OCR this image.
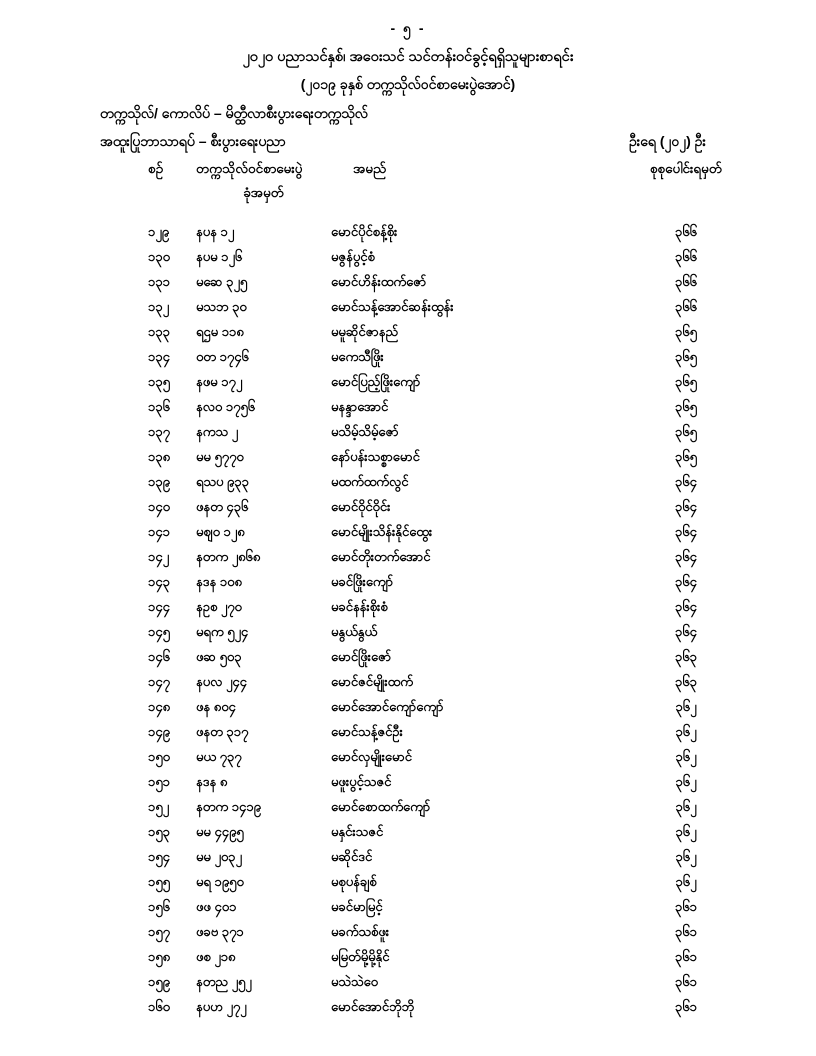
- ၅ -
၂၀၂၀ ပညာသင်နှစ်၊ အဝေးသင် သင်တန်းဝင်ခွင့်ရရှိသူများစာရင်း
(၂၀၁၉ ခုနှစ် တက္ကသိုလ်ဝင်စာမေးပွဲအောင်)
တက္ကသိုလ်/ ကောလိပ် – မိတ္ထီလာစီးပွားရေးတက္ကသိုလ်
အထူးပြုဘာသာရပ် – စီးပွားရေးပညာ	ဦးရေ (၂၀၂) ဦး
စဥ်	တက္ကသိုလ်ဝင်စာမေးပွဲ	အမည်	စုစုပေါင်းရမှတ်
ခုံအမှတ်
၁၂၉	နပန ၁၂	မောင်ပိုင်စန့်စိုး	၃၆၆
၁၃၀	နပမ ၁၂၆	မဇွန်ပွင့်စံ	၃၆၆
၁၃၁	မဆေ ၃၂၅	မောင်ဟိန်းထက်ဇော်	၃၆၆
၁၃၂	မသဘ ၃၀	မောင်သန့်အောင်ဆန်းထွန်း	၃၆၆
၁၃၃	ရဌမ ၁၁၈	မမူဆိုင်ဇာနည်	၃၆၅
၁၃၄	ဝတ ၁၇၄၆	မကေသီဖြိုး	၃၆၅
၁၃၅	နဖမ ၁၇၂	မောင်ပြည့်ဖြိုးကျော်	၃၆၅
၁၃၆	နလဝ ၁၇၅၆	မနန္ဒာအောင်	၃၆၅
၁၃၇	နကသ ၂	မသိမ့်သိမ့်ဇော်	၃၆၅
၁၃၈	မမ ၅၇၇၀	နော်ပန်းသစ္စာမောင်	၃၆၅
၁၃၉	ရသပ ၉၃၃	မထက်ထက်လွင်	၃၆၄
၁၄၀	ဖနတ ၄၃၆	မောင်ဝိုင်ဝိုင်း	၃၆၄
၁၄၁	မဈဝ ၁၂၈	မောင်မျိုးသိန်းနိုင်ထွေး	၃၆၄
၁၄၂	နတက ၂၈၆၈	မောင်တိုးတက်အောင်	၃၆၄
၁၄၃	နဒန ၁၀၈	မခင်ဖြိုးကျော်	၃၆၄
၁၄၄	နဥစ ၂၇၀	မခင်နန်းစိုးစံ	၃၆၄
၁၄၅	မရက ၅၂၄	မနွယ်နွယ်	၃၆၄
၁၄၆	ဖဆ ၅၀၃	မောင်ဖြိုးဇော်	၃၆၃
၁၄၇	နပလ ၂၄၄	မောင်ဇင်မျိုးထက်	၃၆၃
၁၄၈	ဖန ၈၀၄	မောင်အောင်ကျော်ကျော်	၃၆၂
၁၄၉	ဖနတ ၃၁၇	မောင်သန့်ဇင်ဦး	၃၆၂
၁၅၀	မယ ၇၃၇	မောင်လှမျိုးမောင်	၃၆၂
၁၅၁	နဒန ၈	မဖူးပွင့်သဇင်	၃၆၂
၁၅၂	နတက ၁၄၁၉	မောင်စောထက်ကျော်	၃၆၂
၁၅၃	မမ ၄၄၉၅	မနှင်းသဇင်	၃၆၂
၁၅၄	မမ ၂၀၃၂	မဆိုင်ဒင်	၃၆၂
၁၅၅	မရ ၁၉၅၀	မစုပန်ချစ်	၃၆၂
၁၅၆	ဖဖ ၄၀၁	မခင်မာမြင့်	၃၆၁
၁၅၇	ဖခဗ ၃၇၁	မခက်သစ်ဖူး	၃၆၁
၁၅၈	ဖစ ၂၁၈	မမြတ်မို့မို့နိုင်	၃၆၁
၁၅၉	နတည ၂၅၂	မသဲသဲဝေ	၃၆၁
၁၆၀	နပဟ ၂၇၂	မောင်အောင်ဘိုဘို	၃၆၁
